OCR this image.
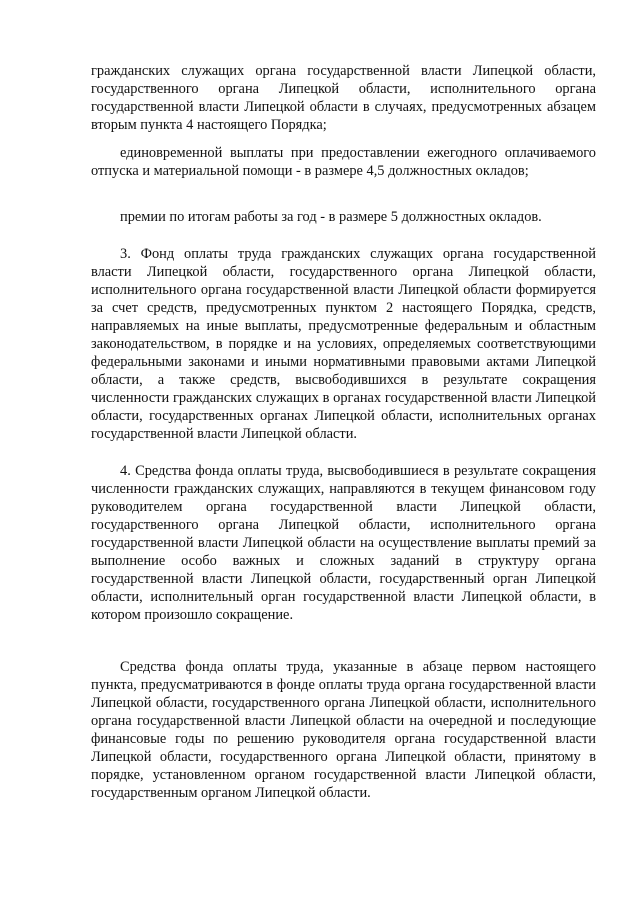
гражданских служащих органа государственной власти Липецкой области, государственного органа Липецкой области, исполнительного органа государственной власти Липецкой области в случаях, предусмотренных абзацем вторым пункта 4 настоящего Порядка;

единовременной выплаты при предоставлении ежегодного оплачиваемого отпуска и материальной помощи - в размере 4,5 должностных окладов;

премии по итогам работы за год - в размере 5 должностных окладов.

3. Фонд оплаты труда гражданских служащих органа государственной власти Липецкой области, государственного органа Липецкой области, исполнительного органа государственной власти Липецкой области формируется за счет средств, предусмотренных пунктом 2 настоящего Порядка, средств, направляемых на иные выплаты, предусмотренные федеральным и областным законодательством, в порядке и на условиях, определяемых соответствующими федеральными законами и иными нормативными правовыми актами Липецкой области, а также средств, высвободившихся в результате сокращения численности гражданских служащих в органах государственной власти Липецкой области, государственных органах Липецкой области, исполнительных органах государственной власти Липецкой области.

4. Средства фонда оплаты труда, высвободившиеся в результате сокращения численности гражданских служащих, направляются в текущем финансовом году руководителем органа государственной власти Липецкой области, государственного органа Липецкой области, исполнительного органа государственной власти Липецкой области на осуществление выплаты премий за выполнение особо важных и сложных заданий в структуру органа государственной власти Липецкой области, государственный орган Липецкой области, исполнительный орган государственной власти Липецкой области, в котором произошло сокращение.

Средства фонда оплаты труда, указанные в абзаце первом настоящего пункта, предусматриваются в фонде оплаты труда органа государственной власти Липецкой области, государственного органа Липецкой области, исполнительного органа государственной власти Липецкой области на очередной и последующие финансовые годы по решению руководителя органа государственной власти Липецкой области, государственного органа Липецкой области, принятому в порядке, установленном органом государственной власти Липецкой области, государственным органом Липецкой области.
